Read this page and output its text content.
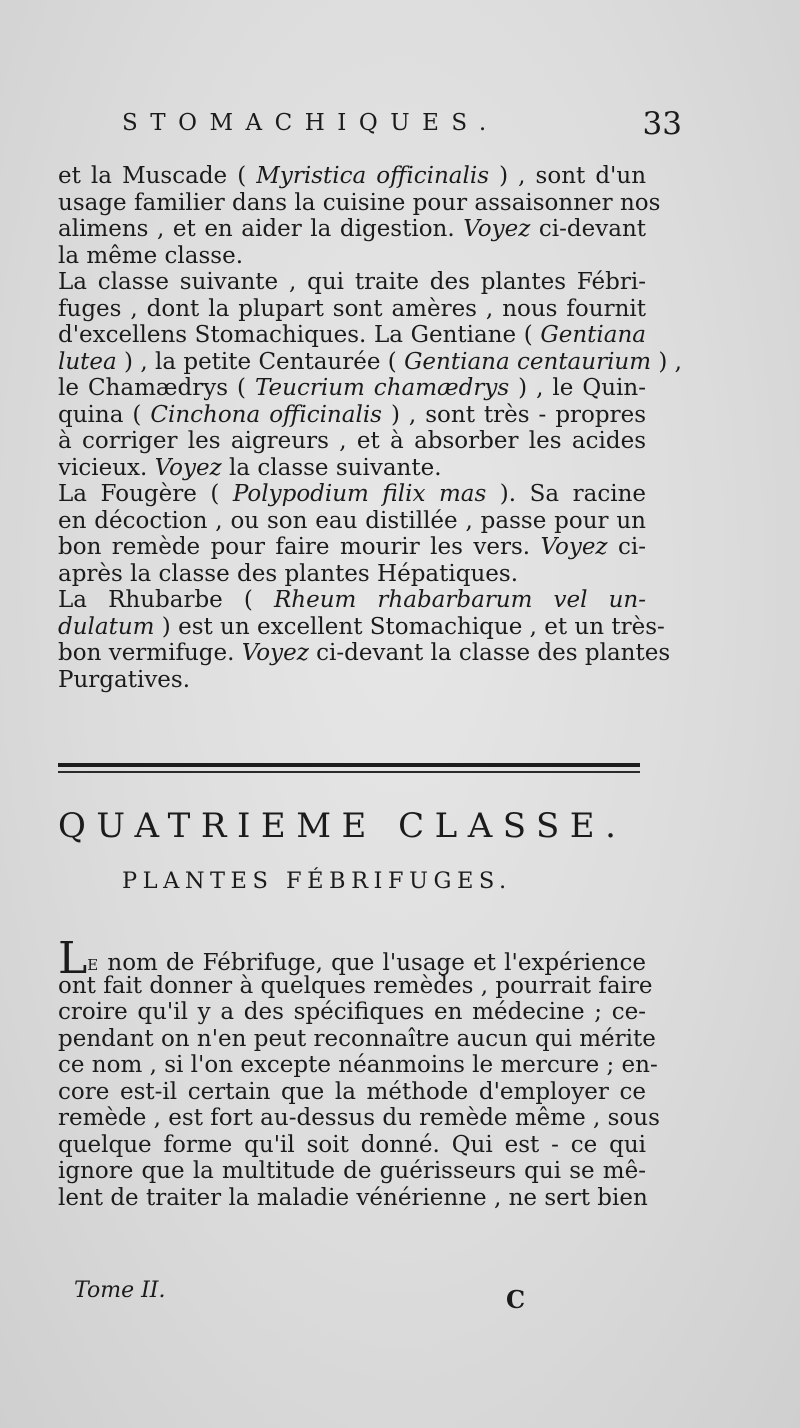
STOMACHIQUES.	33
et la Muscade ( Myristica officinalis ) , sont d'un
usage familier dans la cuisine pour assaisonner nos
alimens , et en aider la digestion. Voyez ci-devant
la même classe.
La classe suivante , qui traite des plantes Fébri-
fuges , dont la plupart sont amères , nous fournit
d'excellens Stomachiques. La Gentiane ( Gentiana
lutea ) , la petite Centaurée ( Gentiana centaurium ) ,
le Chamædrys ( Teucrium chamædrys ) , le Quin-
quina ( Cinchona officinalis ) , sont très - propres
à corriger les aigreurs , et à absorber les acides
vicieux. Voyez la classe suivante.
La Fougère ( Polypodium filix mas ). Sa racine
en décoction , ou son eau distillée , passe pour un
bon remède pour faire mourir les vers. Voyez ci-
après la classe des plantes Hépatiques.
La Rhubarbe ( Rheum rhabarbarum vel un-
dulatum ) est un excellent Stomachique , et un très-
bon vermifuge. Voyez ci-devant la classe des plantes
Purgatives.
QUATRIEME CLASSE.
PLANTES FÉBRIFUGES.
LE nom de Fébrifuge, que l'usage et l'expérience
ont fait donner à quelques remèdes , pourrait faire
croire qu'il y a des spécifiques en médecine ; ce-
pendant on n'en peut reconnaître aucun qui mérite
ce nom , si l'on excepte néanmoins le mercure ; en-
core est-il certain que la méthode d'employer ce
remède , est fort au-dessus du remède même , sous
quelque forme qu'il soit donné. Qui est - ce qui
ignore que la multitude de guérisseurs qui se mê-
lent de traiter la maladie vénérienne , ne sert bien
Tome II.	C
